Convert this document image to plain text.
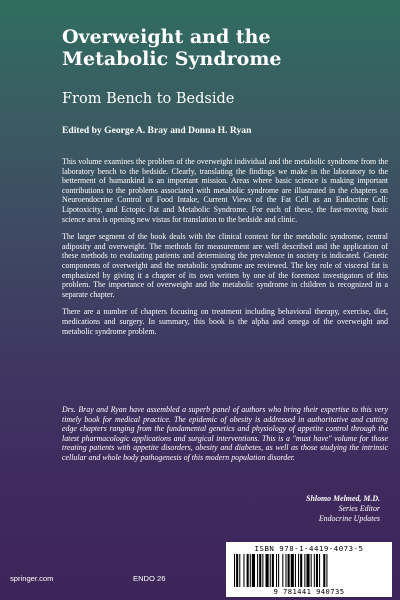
Overweight and the
Metabolic Syndrome
From Bench to Bedside
Edited by George A. Bray and Donna H. Ryan

This volume examines the problem of the overweight individual and the metabolic syndrome from the laboratory bench to the bedside. Clearly, translating the findings we make in the laboratory to the betterment of humankind is an important mission. Areas where basic science is making important contributions to the problems associated with metabolic syndrome are illustrated in the chapters on Neuroendocrine Control of Food Intake, Current Views of the Fat Cell as an Endocrine Cell: Lipotoxicity, and Ectopic Fat and Metabolic Syndrome. For each of these, the fast-moving basic science area is opening new vistas for translation to the bedside and clinic.

The larger segment of the book deals with the clinical context for the metabolic syndrome, central adiposity and overweight. The methods for measurement are well described and the application of these methods to evaluating patients and determining the prevalence in society is indicated. Genetic components of overweight and the metabolic syndrome are reviewed. The key role of visceral fat is emphasized by giving it a chapter of its own written by one of the foremost investigators of this problem. The importance of overweight and the metabolic syndrome in children is recognized in a separate chapter.

There are a number of chapters focusing on treatment including behavioral therapy, exercise, diet, medications and surgery. In summary, this book is the alpha and omega of the overweight and metabolic syndrome problem.

Drs. Bray and Ryan have assembled a superb panel of authors who bring their expertise to this very timely book for medical practice. The epidemic of obesity is addressed in authoritative and cutting edge chapters ranging from the fundamental genetics and physiology of appetite control through the latest pharmacologic applications and surgical interventions. This is a "must have" volume for those treating patients with appetite disorders, obesity and diabetes, as well as those studying the intrinsic cellular and whole body pathogenesis of this modern population disorder.

Shlomo Melmed, M.D.
Series Editor
Endocrine Updates
ISBN 978-1-4419-4073-5
9 781441 940735
springer.com	ENDO 26
